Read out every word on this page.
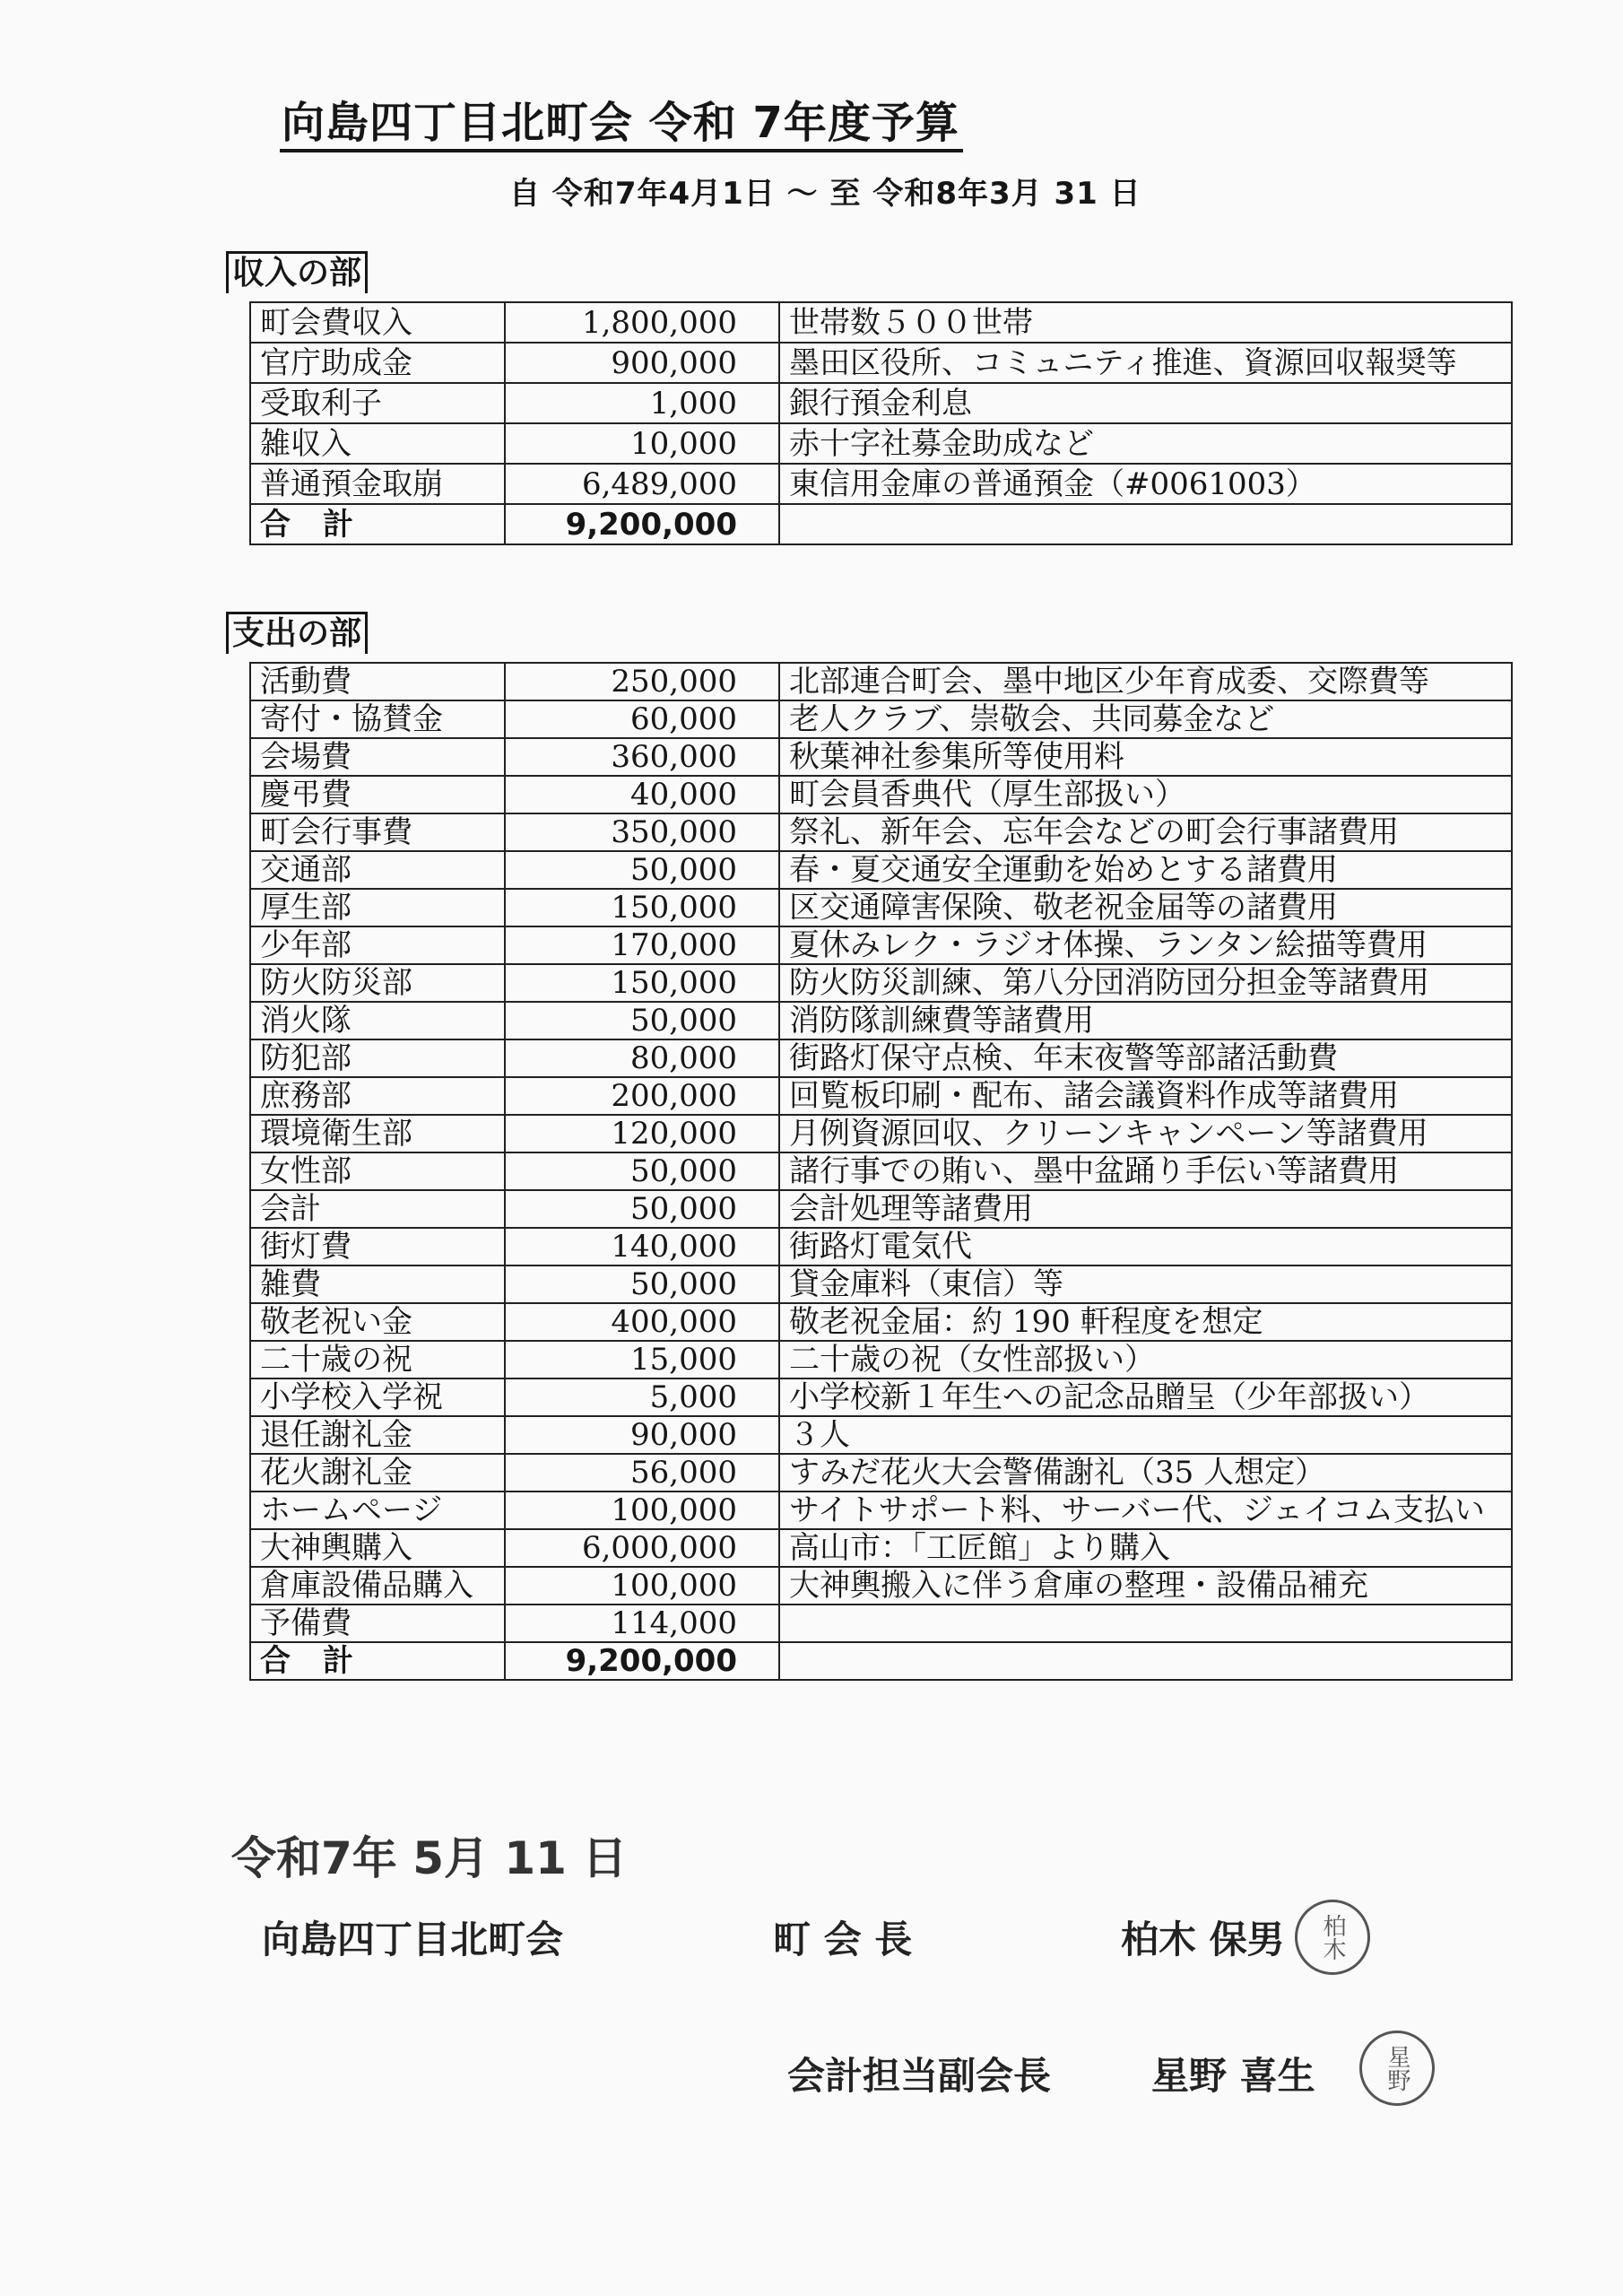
向島四丁目北町会 令和 7年度予算
自 令和7年4月1日 ～ 至 令和8年3月 31 日
収入の部
町会費収入	1,800,000	世帯数５００世帯
官庁助成金	900,000	墨田区役所、コミュニティ推進、資源回収報奨等
受取利子	1,000	銀行預金利息
雑収入	10,000	赤十字社募金助成など
普通預金取崩	6,489,000	東信用金庫の普通預金（#0061003）
合計	9,200,000	
支出の部
活動費	250,000	北部連合町会、墨中地区少年育成委、交際費等
寄付・協賛金	60,000	老人クラブ、崇敬会、共同募金など
会場費	360,000	秋葉神社参集所等使用料
慶弔費	40,000	町会員香典代（厚生部扱い）
町会行事費	350,000	祭礼、新年会、忘年会などの町会行事諸費用
交通部	50,000	春・夏交通安全運動を始めとする諸費用
厚生部	150,000	区交通障害保険、敬老祝金届等の諸費用
少年部	170,000	夏休みレク・ラジオ体操、ランタン絵描等費用
防火防災部	150,000	防火防災訓練、第八分団消防団分担金等諸費用
消火隊	50,000	消防隊訓練費等諸費用
防犯部	80,000	街路灯保守点検、年末夜警等部諸活動費
庶務部	200,000	回覧板印刷・配布、諸会議資料作成等諸費用
環境衛生部	120,000	月例資源回収、クリーンキャンペーン等諸費用
女性部	50,000	諸行事での賄い、墨中盆踊り手伝い等諸費用
会計	50,000	会計処理等諸費用
街灯費	140,000	街路灯電気代
雑費	50,000	貸金庫料（東信）等
敬老祝い金	400,000	敬老祝金届：約 190 軒程度を想定
二十歳の祝	15,000	二十歳の祝（女性部扱い）
小学校入学祝	5,000	小学校新１年生への記念品贈呈（少年部扱い）
退任謝礼金	90,000	３人
花火謝礼金	56,000	すみだ花火大会警備謝礼（35 人想定）
ホームページ	100,000	サイトサポート料、サーバー代、ジェイコム支払い
大神輿購入	6,000,000	高山市：「工匠館」より購入
倉庫設備品購入	100,000	大神輿搬入に伴う倉庫の整理・設備品補充
予備費	114,000	
合計	9,200,000	
令和7年 5月 11 日
向島四丁目北町会	町 会 長	柏木 保男 柏木
会計担当副会長	星野 喜生	星野
